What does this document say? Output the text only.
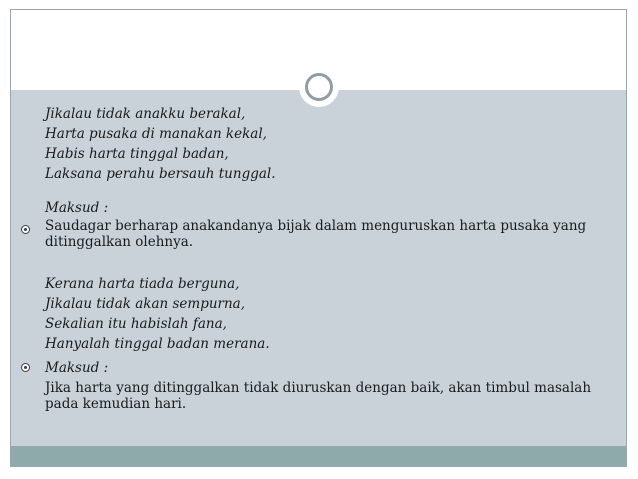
Jikalau tidak anakku berakal,
Harta pusaka di manakan kekal,
Habis harta tinggal badan,
Laksana perahu bersauh tunggal.
Maksud :
Saudagar berharap anakandanya bijak dalam menguruskan harta pusaka yang
ditinggalkan olehnya.
Kerana harta tiada berguna,
Jikalau tidak akan sempurna,
Sekalian itu habislah fana,
Hanyalah tinggal badan merana.
Maksud :
Jika harta yang ditinggalkan tidak diuruskan dengan baik, akan timbul masalah
pada kemudian hari.
